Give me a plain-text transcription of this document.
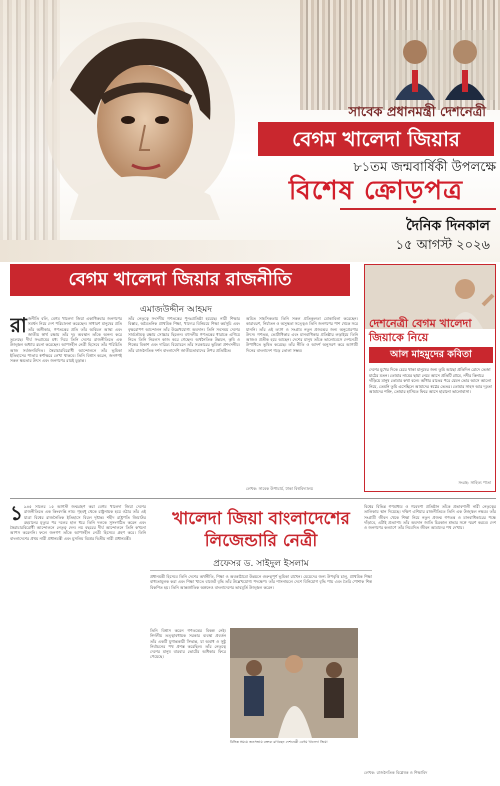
সাবেক প্রধানমন্ত্রী দেশনেত্রী
বেগম খালেদা জিয়ার
৮১তম জন্মবার্ষিকী উপলক্ষে
বিশেষ ক্রোড়পত্র
দৈনিক দিনকাল
১৫ আগস্ট ২০২৬
বেগম খালেদা জিয়ার রাজনীতি
এমাজউদ্দীন আহমদ
রা জনীতি বলি, বেগম খালেদা জিয়া একাধিকবার জনগণের সমর্থন নিয়ে দেশ পরিচালনা করেছেন। সাধারণ মানুষের প্রতি তাঁর অঙ্গীকার, গণতন্ত্রের প্রতি তাঁর অবিচল আস্থা এবং জাতীয় স্বার্থ রক্ষায় তাঁর দৃঢ় অবস্থান তাঁকে অনন্য করে তুলেছে। দীর্ঘ সংগ্রামের মধ্য দিয়ে তিনি দেশের রাজনীতিতে এক উজ্জ্বল অধ্যায় রচনা করেছেন। আপসহীন নেত্রী হিসেবে তাঁর পরিচিতি আজ সর্বজনবিদিত। স্বৈরাচারবিরোধী আন্দোলনে তাঁর ভূমিকা ইতিহাসের পাতায় স্বর্ণাক্ষরে লেখা থাকবে। তিনি বিশ্বাস করেন, জনগণই সকল ক্ষমতার উৎস এবং জনগণের রায়ই চূড়ান্ত।
তাঁর নেতৃত্বে সংসদীয় গণতন্ত্রের পুনঃপ্রতিষ্ঠা হয়েছে। নারী শিক্ষার বিস্তার, অবৈতনিক প্রাথমিক শিক্ষা, খাদ্যের বিনিময়ে শিক্ষা কর্মসূচি এবং বৃক্ষরোপণ আন্দোলন তাঁর উল্লেখযোগ্য অবদান। তিনি সবসময় দেশের সার্বভৌমত্ব রক্ষায় সোচ্চার ছিলেন। বহুদলীয় গণতন্ত্রের ধারাকে এগিয়ে নিতে তিনি নিরলস কাজ করে গেছেন। অর্থনৈতিক উন্নয়ন, কৃষি ও শিল্পের বিকাশ এবং দারিদ্র্য বিমোচনে তাঁর সরকারের ভূমিকা প্রশংসনীয়। তাঁর রাজনৈতিক দর্শন বাংলাদেশি জাতীয়তাবাদের উপর প্রতিষ্ঠিত।
অমিত সাহসিকতায় তিনি সকল প্রতিকূলতা মোকাবিলা করেছেন। কারাবরণ, নির্যাতন ও অসুস্থতা সত্ত্বেও তিনি জনগণের পাশ থেকে সরে যাননি। তাঁর এই ত্যাগ ও সংগ্রাম নতুন প্রজন্মের জন্য অনুপ্রেরণার উৎস। গণতন্ত্র, ভোটাধিকার এবং মানবাধিকার প্রতিষ্ঠার লড়াইয়ে তিনি আজও প্রতীক হয়ে আছেন। দেশের মানুষ তাঁকে ভালোবেসে দেশনেত্রী উপাধিতে ভূষিত করেছে। তাঁর নীতি ও আদর্শ অনুসরণ করে আগামী দিনের বাংলাদেশ গড়ে তোলা সম্ভব।
লেখক: সাবেক উপাচার্য, ঢাকা বিশ্ববিদ্যালয়
দেশনেত্রী বেগম খালেদা জিয়াকে নিয়ে
আল মাহমুদের কবিতা
দেশের মুখের দিকে চেয়ে থাকা মানুষের জন্য তুমি আছো প্রতিদিন রোদে ভেজা মাঠের মতন। তোমার নামের ছায়া নেমে আসে প্রতিটি গ্রামে, নদীর কিনারে দাঁড়িয়ে মানুষ তোমার কথা বলে। আঁধার রাতের পরে যেমন ভোর আসে আলো নিয়ে, তেমনি তুমি এসেছিলে আমাদের স্বপ্নের ভেতর। তোমার সাহস আর দৃঢ়তা আমাদের শক্তি, তোমার হাসিতে ফিরে আসে হারানো ভালোবাসা।
সংগ্রহ: সাহিত্য পাতা
১ ৯৪৫ সালের ১৫ আগস্ট জন্মগ্রহণ করা বেগম খালেদা জিয়া দেশের রাজনীতিতে এক কিংবদন্তি নাম। গৃহবধূ থেকে রাষ্ট্রনায়ক হয়ে ওঠার তাঁর এই যাত্রা বিশ্বের রাজনৈতিক ইতিহাসে বিরল দৃষ্টান্ত। শহীদ রাষ্ট্রপতি জিয়াউর রহমানের মৃত্যুর পর দলের হাল ধরে তিনি দলকে সুসংগঠিত করেন এবং স্বৈরাচারবিরোধী আন্দোলনে নেতৃত্ব দেন। নয় বছরের দীর্ঘ আন্দোলনে তিনি কখনো আপস করেননি। ফলে জনগণ তাঁকে আপসহীন নেত্রী হিসেবে গ্রহণ করে। তিনি বাংলাদেশের প্রথম নারী প্রধানমন্ত্রী এবং মুসলিম বিশ্বের দ্বিতীয় নারী প্রধানমন্ত্রী।
খালেদা জিয়া বাংলাদেশের লিজেন্ডারি নেত্রী
প্রফেসর ড. সাইদুল ইসলাম
প্রধানমন্ত্রী হিসেবে তিনি দেশের অর্থনীতি, শিক্ষা ও অবকাঠামো উন্নয়নে গুরুত্বপূর্ণ ভূমিকা রাখেন। মেয়েদের জন্য উপবৃত্তি চালু, প্রাথমিক শিক্ষা বাধ্যতামূলক করা এবং শিক্ষা খাতে বাজেট বৃদ্ধি তাঁর উল্লেখযোগ্য পদক্ষেপ। তাঁর শাসনামলে দেশে বিনিয়োগ বৃদ্ধি পায় এবং তৈরি পোশাক শিল্প বিকশিত হয়। তিনি আন্তর্জাতিক অঙ্গনেও বাংলাদেশের ভাবমূর্তি উজ্জ্বল করেন।
তিনি বিশ্বাস করেন গণতন্ত্রের বিকল্প নেই। নির্দলীয় তত্ত্বাবধায়ক সরকার ব্যবস্থা প্রবর্তন তাঁর একটি যুগান্তকারী সিদ্ধান্ত, যা অবাধ ও সুষ্ঠু নির্বাচনের পথ প্রশস্ত করেছিল। তাঁর নেতৃত্বে দেশের মানুষ বারবার ভোটের অধিকার ফিরে পেয়েছে।
বিভিন্ন সময়ে জনসভায় বক্তব্য রাখছেন দেশনেত্রী বেগম খালেদা জিয়া
বিশ্বের বিভিন্ন গণমাধ্যম ও গবেষণা প্রতিষ্ঠান তাঁকে প্রভাবশালী নারী নেতৃত্বের তালিকায় স্থান দিয়েছে। দক্ষিণ এশিয়ার রাজনীতিতে তিনি এক উজ্জ্বল নক্ষত্র। তাঁর সংগ্রামী জীবন থেকে শিক্ষা নিয়ে নতুন প্রজন্ম গণতন্ত্র ও মানবাধিকারের পক্ষে দাঁড়াবে, এটাই প্রত্যাশা। তাঁর অবদান জাতি চিরকাল শ্রদ্ধার সঙ্গে স্মরণ করবে। দেশ ও জনগণের কল্যাণে তাঁর নিবেদিত জীবন আমাদের পথ দেখায়।
লেখক: রাজনৈতিক বিশ্লেষক ও শিক্ষাবিদ
